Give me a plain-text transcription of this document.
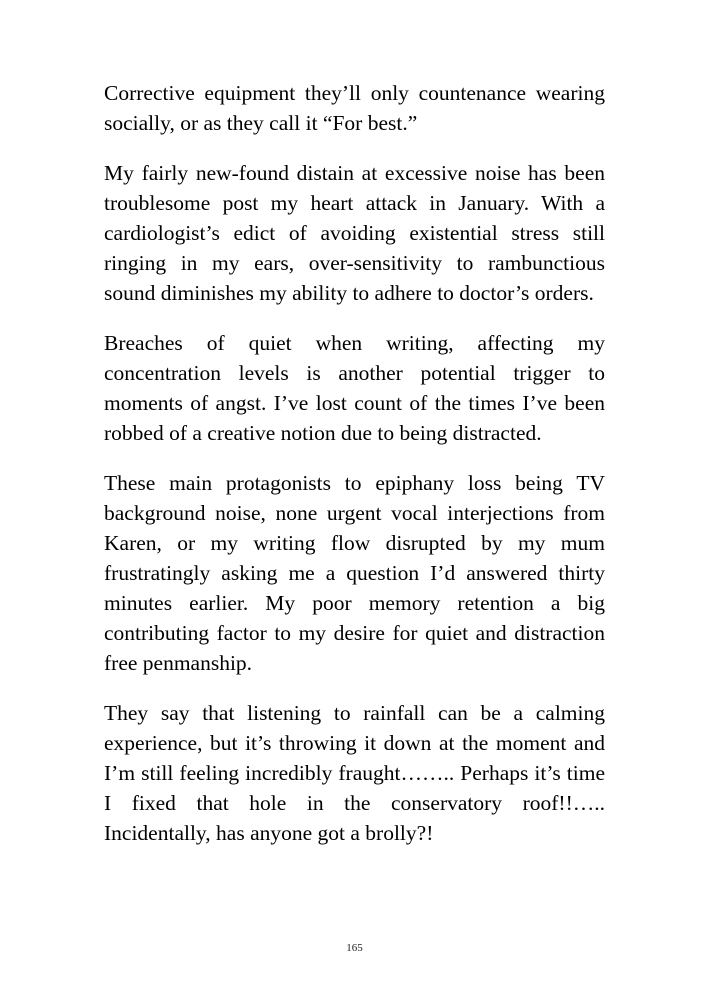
Corrective equipment they’ll only countenance wearing socially, or as they call it “For best.”

My fairly new-found distain at excessive noise has been troublesome post my heart attack in January. With a cardiologist’s edict of avoiding existential stress still ringing in my ears, over-sensitivity to rambunctious sound diminishes my ability to adhere to doctor’s orders.

Breaches of quiet when writing, affecting my concentration levels is another potential trigger to moments of angst. I’ve lost count of the times I’ve been robbed of a creative notion due to being distracted.

These main protagonists to epiphany loss being TV background noise, none urgent vocal interjections from Karen, or my writing flow disrupted by my mum frustratingly asking me a question I’d answered thirty minutes earlier. My poor memory retention a big contributing factor to my desire for quiet and distraction free penmanship.

They say that listening to rainfall can be a calming experience, but it’s throwing it down at the moment and I’m still feeling incredibly fraught…….. Perhaps it’s time I fixed that hole in the conservatory roof!!….. Incidentally, has anyone got a brolly?!

165
